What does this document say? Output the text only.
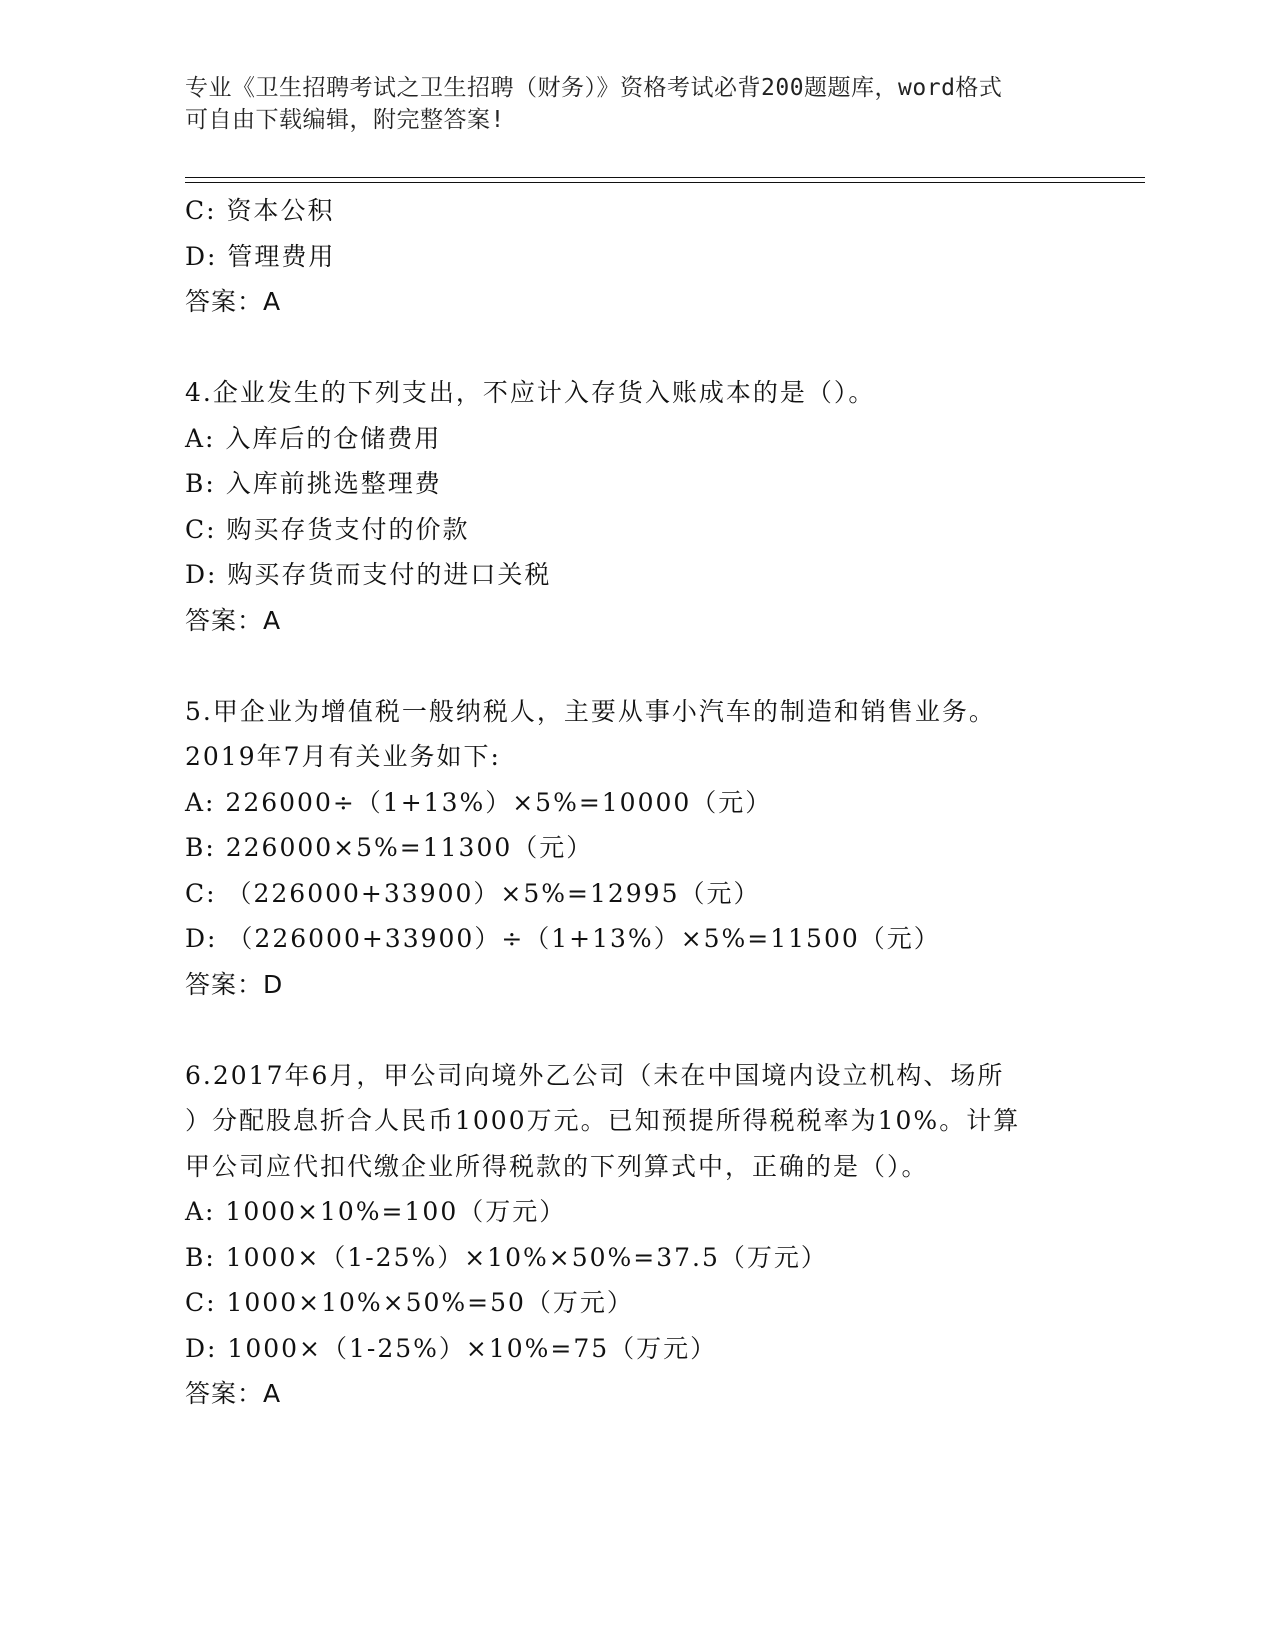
专业《卫生招聘考试之卫生招聘（财务）》资格考试必背200题题库，word格式
可自由下载编辑，附完整答案!
C: 资本公积
D: 管理费用
答案：A
4.企业发生的下列支出，不应计入存货入账成本的是（）。
A: 入库后的仓储费用
B: 入库前挑选整理费
C: 购买存货支付的价款
D: 购买存货而支付的进口关税
答案：A
5.甲企业为增值税一般纳税人，主要从事小汽车的制造和销售业务。
2019年7月有关业务如下:
A: 226000÷（1+13%）×5%=10000（元）
B: 226000×5%=11300（元）
C: （226000+33900）×5%=12995（元）
D: （226000+33900）÷（1+13%）×5%=11500（元）
答案：D
6.2017年6月，甲公司向境外乙公司（未在中国境内设立机构、场所
）分配股息折合人民币1000万元。已知预提所得税税率为10%。计算
甲公司应代扣代缴企业所得税款的下列算式中，正确的是（）。
A: 1000×10%=100（万元）
B: 1000×（1-25%）×10%×50%=37.5（万元）
C: 1000×10%×50%=50（万元）
D: 1000×（1-25%）×10%=75（万元）
答案：A
